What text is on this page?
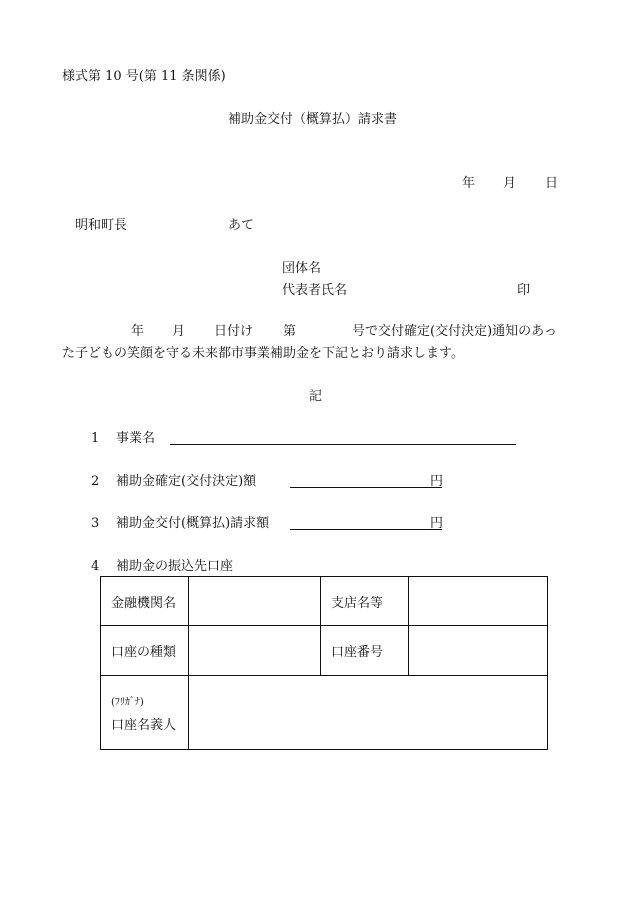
様式第 10 号(第 11 条関係)
補助金交付（概算払）請求書
年 月 日
明和町長	あて
団体名
代表者氏名	印
年 月 日付け 第	号で交付確定(交付決定)通知のあっ
た子どもの笑顔を守る未来都市事業補助金を下記とおり請求します。
記
1 事業名
2 補助金確定(交付決定)額	円
3 補助金交付(概算払)請求額	円
4 補助金の振込先口座
金融機関名		支店名等	
口座の種類		口座番号	

(ﾌﾘｶﾞﾅ)
口座名義人			
